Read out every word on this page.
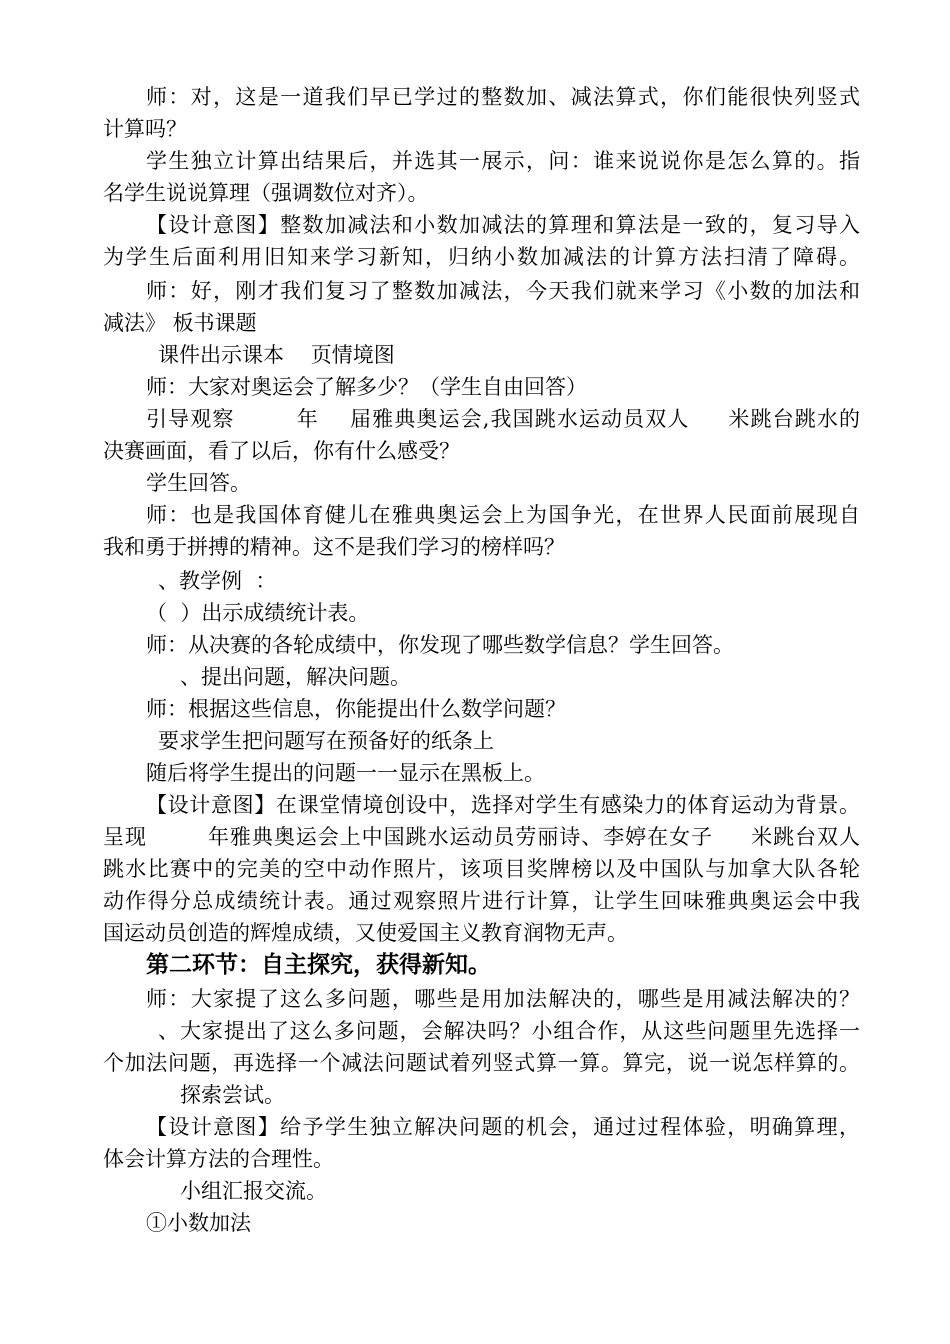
师：对，这是一道我们早已学过的整数加、减法算式，你们能很快列竖式
计算吗？
学生独立计算出结果后，并选其一展示，问：谁来说说你是怎么算的。指
名学生说说算理（强调数位对齐）。
【设计意图】整数加减法和小数加减法的算理和算法是一致的，复习导入
为学生后面利用旧知来学习新知，归纳小数加减法的计算方法扫清了障碍。
师：好，刚才我们复习了整数加减法，今天我们就来学习《小数的加法和
减法》 板书课题
课件出示课本    页情境图
师：大家对奥运会了解多少？（学生自由回答）
引导观察        年    届雅典奥运会,我国跳水运动员双人     米跳台跳水的
决赛画面，看了以后，你有什么感受？
学生回答。
师：也是我国体育健儿在雅典奥运会上为国争光，在世界人民面前展现自
我和勇于拼搏的精神。这不是我们学习的榜样吗？
、教学例  ：
（  ）出示成绩统计表。
师：从决赛的各轮成绩中，你发现了哪些数学信息？学生回答。
、提出问题，解决问题。
师：根据这些信息，你能提出什么数学问题？
要求学生把问题写在预备好的纸条上
随后将学生提出的问题一一显示在黑板上。
【设计意图】在课堂情境创设中，选择对学生有感染力的体育运动为背景。
呈现        年雅典奥运会上中国跳水运动员劳丽诗、李婷在女子     米跳台双人
跳水比赛中的完美的空中动作照片，该项目奖牌榜以及中国队与加拿大队各轮
动作得分总成绩统计表。通过观察照片进行计算，让学生回味雅典奥运会中我
国运动员创造的辉煌成绩，又使爱国主义教育润物无声。
第二环节：自主探究，获得新知。
师：大家提了这么多问题，哪些是用加法解决的，哪些是用减法解决的？
、大家提出了这么多问题，会解决吗？小组合作，从这些问题里先选择一
个加法问题，再选择一个减法问题试着列竖式算一算。算完，说一说怎样算的。
探索尝试。
【设计意图】给予学生独立解决问题的机会，通过过程体验，明确算理，
体会计算方法的合理性。
小组汇报交流。
①小数加法
